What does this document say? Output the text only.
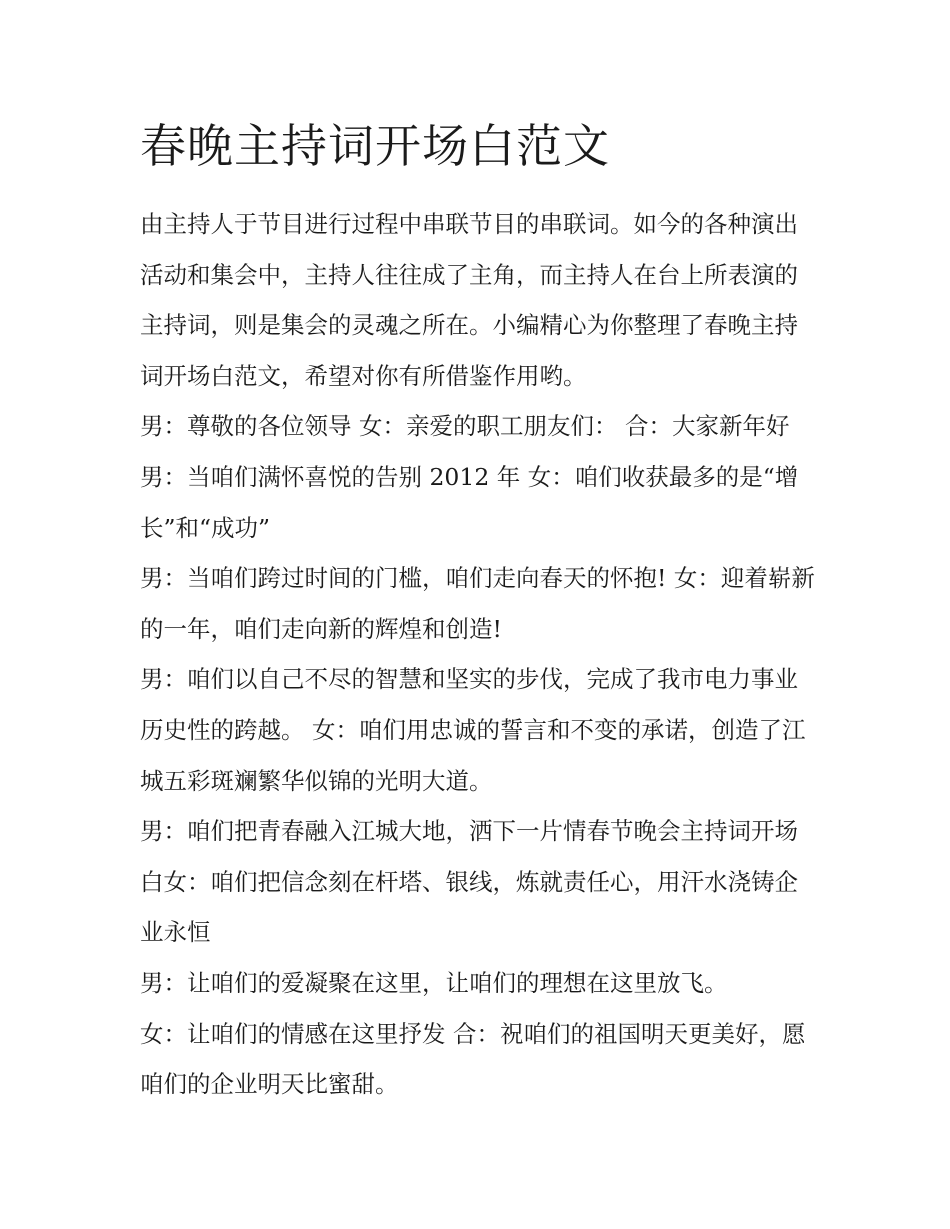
春晚主持词开场白范文

由主持人于节目进行过程中串联节目的串联词。如今的各种演出活动和集会中，主持人往往成了主角，而主持人在台上所表演的主持词，则是集会的灵魂之所在。小编精心为你整理了春晚主持词开场白范文，希望对你有所借鉴作用哟。

男：尊敬的各位领导 女：亲爱的职工朋友们： 合：大家新年好 男：当咱们满怀喜悦的告别 2012 年 女：咱们收获最多的是“增长”和“成功”

男：当咱们跨过时间的门槛，咱们走向春天的怀抱! 女：迎着崭新的一年，咱们走向新的辉煌和创造!

男：咱们以自己不尽的智慧和坚实的步伐，完成了我市电力事业历史性的跨越。 女：咱们用忠诚的誓言和不变的承诺，创造了江城五彩斑斓繁华似锦的光明大道。

男：咱们把青春融入江城大地，洒下一片情春节晚会主持词开场白女：咱们把信念刻在杆塔、银线，炼就责任心，用汗水浇铸企业永恒

男：让咱们的爱凝聚在这里，让咱们的理想在这里放飞。

女：让咱们的情感在这里抒发 合：祝咱们的祖国明天更美好，愿咱们的企业明天比蜜甜。
